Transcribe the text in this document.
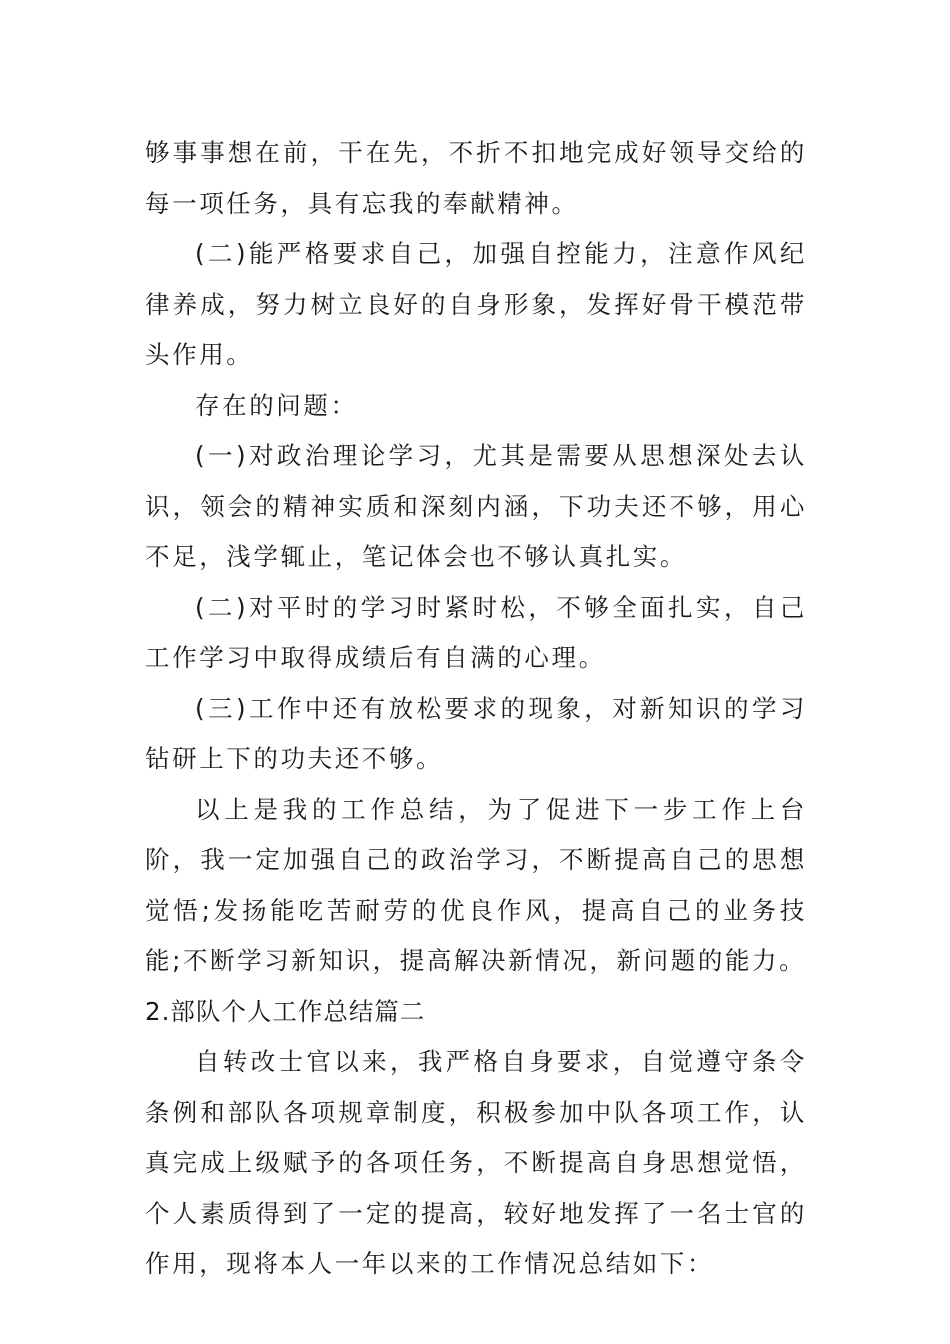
够事事想在前，干在先，不折不扣地完成好领导交给的每一项任务，具有忘我的奉献精神。

(二)能严格要求自己，加强自控能力，注意作风纪律养成，努力树立良好的自身形象，发挥好骨干模范带头作用。

存在的问题：

(一)对政治理论学习，尤其是需要从思想深处去认识，领会的精神实质和深刻内涵，下功夫还不够，用心不足，浅学辄止，笔记体会也不够认真扎实。

(二)对平时的学习时紧时松，不够全面扎实，自己工作学习中取得成绩后有自满的心理。

(三)工作中还有放松要求的现象，对新知识的学习钻研上下的功夫还不够。

以上是我的工作总结，为了促进下一步工作上台阶，我一定加强自己的政治学习，不断提高自己的思想觉悟;发扬能吃苦耐劳的优良作风，提高自己的业务技能;不断学习新知识，提高解决新情况，新问题的能力。

2.部队个人工作总结篇二

自转改士官以来，我严格自身要求，自觉遵守条令条例和部队各项规章制度，积极参加中队各项工作，认真完成上级赋予的各项任务，不断提高自身思想觉悟，个人素质得到了一定的提高，较好地发挥了一名士官的作用，现将本人一年以来的工作情况总结如下：
